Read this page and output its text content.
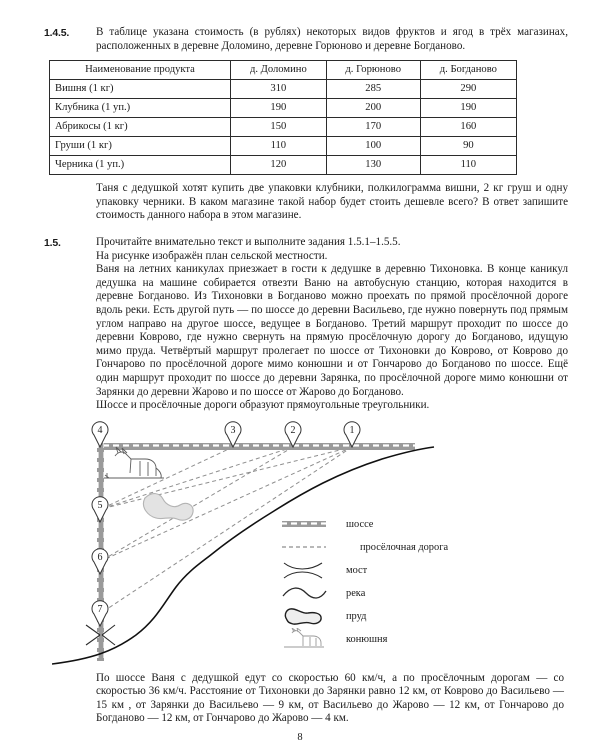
1.4.5.	В таблице указана стоимость (в рублях) некоторых видов фруктов и ягод в трёх магазинах, расположенных в деревне Доломино, деревне Горюново и деревне Богданово.

Наименование продукта	д. Доломино	д. Горюново	д. Богданово
Вишня (1 кг)	310	285	290
Клубника (1 уп.)	190	200	190
Абрикосы (1 кг)	150	170	160
Груши (1 кг)	110	100	90
Черника (1 уп.)	120	130	110

Таня с дедушкой хотят купить две упаковки клубники, полкилограмма вишни, 2 кг груш и одну упаковку черники. В каком магазине такой набор будет стоить дешевле всего? В ответ запишите стоимость данного набора в этом магазине.

1.5.	Прочитайте внимательно текст и выполните задания 1.5.1–1.5.5.

На рисунке изображён план сельской местности.

Ваня на летних каникулах приезжает в гости к дедушке в деревню Тихоновка. В конце каникул дедушка на машине собирается отвезти Ваню на автобусную станцию, которая находится в деревне Богданово. Из Тихоновки в Богданово можно проехать по прямой просёлочной дороге вдоль реки. Есть другой путь — по шоссе до деревни Васильево, где нужно повернуть под прямым углом направо на другое шоссе, ведущее в Богданово. Третий маршрут проходит по шоссе до деревни Коврово, где нужно свернуть на прямую просёлочную дорогу до Богданово, идущую мимо пруда. Четвёртый маршрут пролегает по шоссе от Тихоновки до Коврово, от Коврово до Гончарово по просёлочной дороге мимо конюшни и от Гончарово до Богданово по шоссе. Ещё один маршрут проходит по шоссе до деревни Зарянка, по просёлочной дороге мимо конюшни от Зарянки до деревни Жарово и по шоссе от Жарово до Богданово.

Шоссе и просёлочные дороги образуют прямоугольные треугольники.

1
2
3
4
5
6
7
шоссе
просёлочная дорога
мост
река
пруд
конюшня
По шоссе Ваня с дедушкой едут со скоростью 60 км/ч, а по просёлочным дорогам — со скоростью 36 км/ч. Расстояние от Тихоновки до Зарянки равно 12 км, от Коврово до Васильево — 15 км , от Зарянки до Васильево — 9 км, от Васильево до Жарово — 12 км, от Гончарово до Богданово — 12 км, от Гончарово до Жарово — 4 км.
8
